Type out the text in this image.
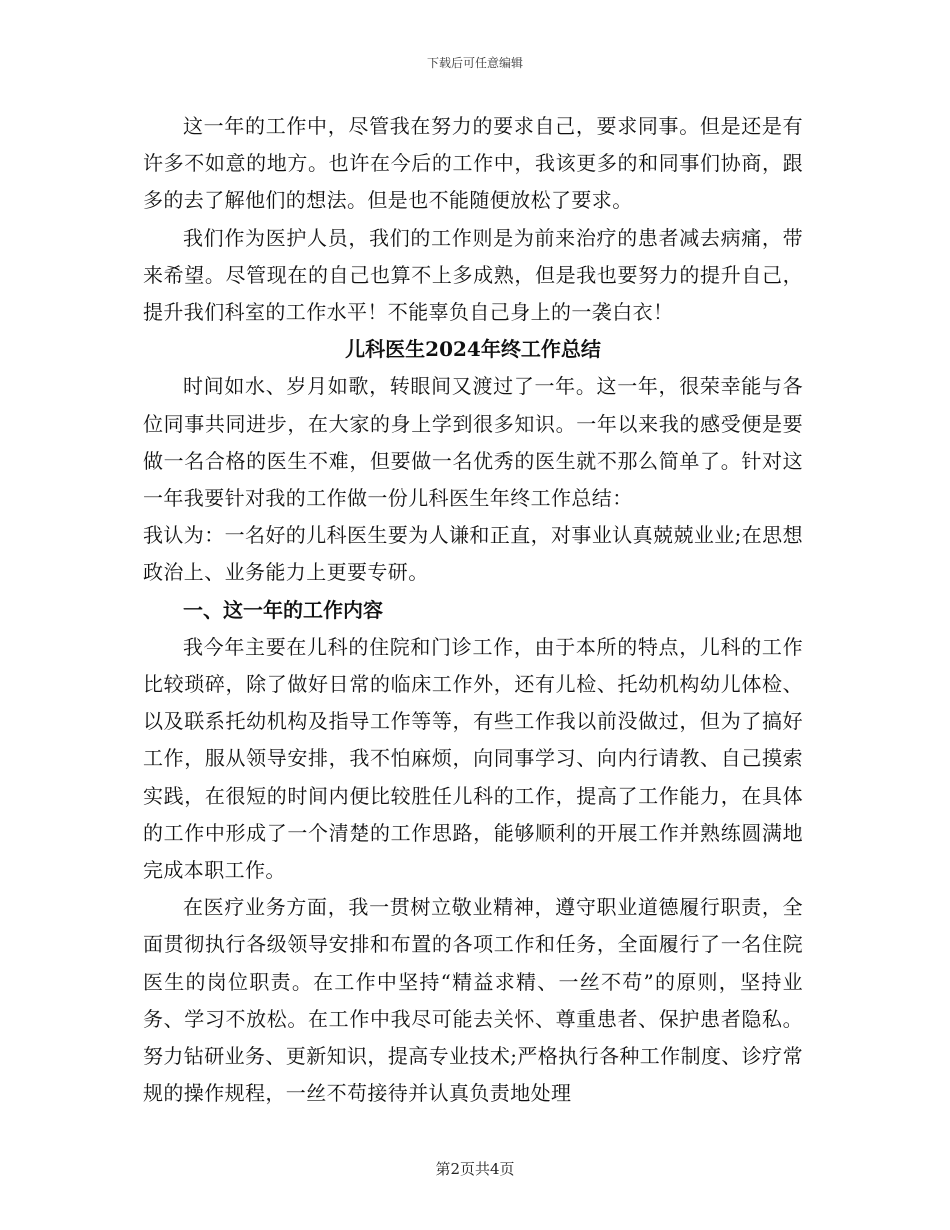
下载后可任意编辑

这一年的工作中，尽管我在努力的要求自己，要求同事。但是还是有许多不如意的地方。也许在今后的工作中，我该更多的和同事们协商，跟多的去了解他们的想法。但是也不能随便放松了要求。

我们作为医护人员，我们的工作则是为前来治疗的患者减去病痛，带来希望。尽管现在的自己也算不上多成熟，但是我也要努力的提升自己，提升我们科室的工作水平！不能辜负自己身上的一袭白衣！

儿科医生2024年终工作总结

时间如水、岁月如歌，转眼间又渡过了一年。这一年，很荣幸能与各位同事共同进步，在大家的身上学到很多知识。一年以来我的感受便是要做一名合格的医生不难，但要做一名优秀的医生就不那么简单了。针对这一年我要针对我的工作做一份儿科医生年终工作总结：

我认为：一名好的儿科医生要为人谦和正直，对事业认真兢兢业业;在思想政治上、业务能力上更要专研。

一、这一年的工作内容

我今年主要在儿科的住院和门诊工作，由于本所的特点，儿科的工作比较琐碎，除了做好日常的临床工作外，还有儿检、托幼机构幼儿体检、以及联系托幼机构及指导工作等等，有些工作我以前没做过，但为了搞好工作，服从领导安排，我不怕麻烦，向同事学习、向内行请教、自己摸索实践，在很短的时间内便比较胜任儿科的工作，提高了工作能力，在具体的工作中形成了一个清楚的工作思路，能够顺利的开展工作并熟练圆满地完成本职工作。

在医疗业务方面，我一贯树立敬业精神，遵守职业道德履行职责，全面贯彻执行各级领导安排和布置的各项工作和任务，全面履行了一名住院医生的岗位职责。在工作中坚持“精益求精、一丝不苟”的原则，坚持业务、学习不放松。在工作中我尽可能去关怀、尊重患者、保护患者隐私。努力钻研业务、更新知识，提高专业技术;严格执行各种工作制度、诊疗常规的操作规程，一丝不苟接待并认真负责地处理

第2页共4页
